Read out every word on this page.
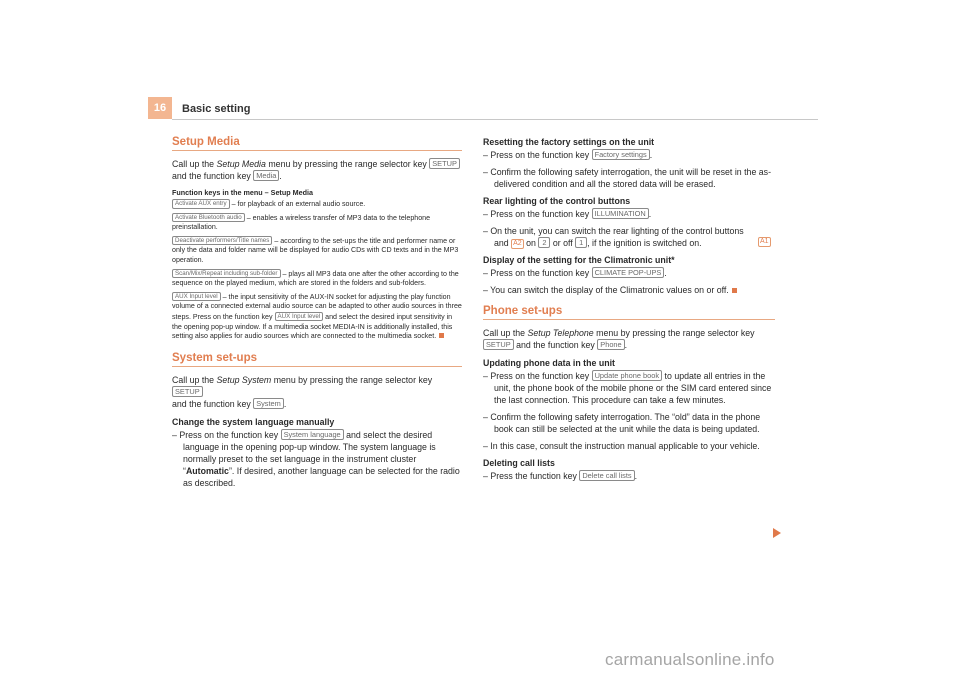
16	Basic setting
Setup Media
Call up the Setup Media menu by pressing the range selector key SETUP
and the function key Media .
Function keys in the menu – Setup Media
Activate AUX entry – for playback of an external audio source.
Activate Bluetooth audio – enables a wireless transfer of MP3 data to the telephone preinstallation.
Deactivate performers/Title names – according to the set-ups the title and performer name or only the data and folder name will be displayed for audio CDs with CD texts and in the MP3 operation.
Scan/Mix/Repeat including sub-folder – plays all MP3 data one after the other according to the sequence on the played medium, which are stored in the folders and sub-folders.
AUX Input level – the input sensitivity of the AUX-IN socket for adjusting the play function volume of a connected external audio source can be adapted to other audio sources in three steps. Press on the function key AUX Input level and select the desired input sensitivity in the opening pop-up window. If a multimedia socket MEDIA-IN is additionally installed, this setting also applies for audio sources which are connected to the multimedia socket.
System set-ups
Call up the Setup System menu by pressing the range selector key SETUP
and the function key System .
Change the system language manually
– Press on the function key System language and select the desired language in the opening pop-up window. The system language is normally preset to the set language in the instrument cluster “Automatic”. If desired, another language can be selected for the radio as described.
Resetting the factory settings on the unit
– Press on the function key Factory settings .
– Confirm the following safety interrogation, the unit will be reset in the as-delivered condition and all the stored data will be erased.
Rear lighting of the control buttons
– Press on the function key ILLUMINATION .
– On the unit, you can switch the rear lighting of the control buttons
and A2 on 2 or off 1 , if the ignition is switched on.
Display of the setting for the Climatronic unit*
– Press on the function key CLIMATE POP-UPS .
– You can switch the display of the Climatronic values on or off.
Phone set-ups
Call up the Setup Telephone menu by pressing the range selector key
SETUP and the function key Phone .
Updating phone data in the unit
– Press on the function key Update phone book to update all entries in the unit, the phone book of the mobile phone or the SIM card entered since the last connection. This procedure can take a few minutes.
– Confirm the following safety interrogation. The “old” data in the phone book can still be selected at the unit while the data is being updated.
– In this case, consult the instruction manual applicable to your vehicle.
Deleting call lists
– Press the function key Delete call lists .
A1
carmanualsonline.info
